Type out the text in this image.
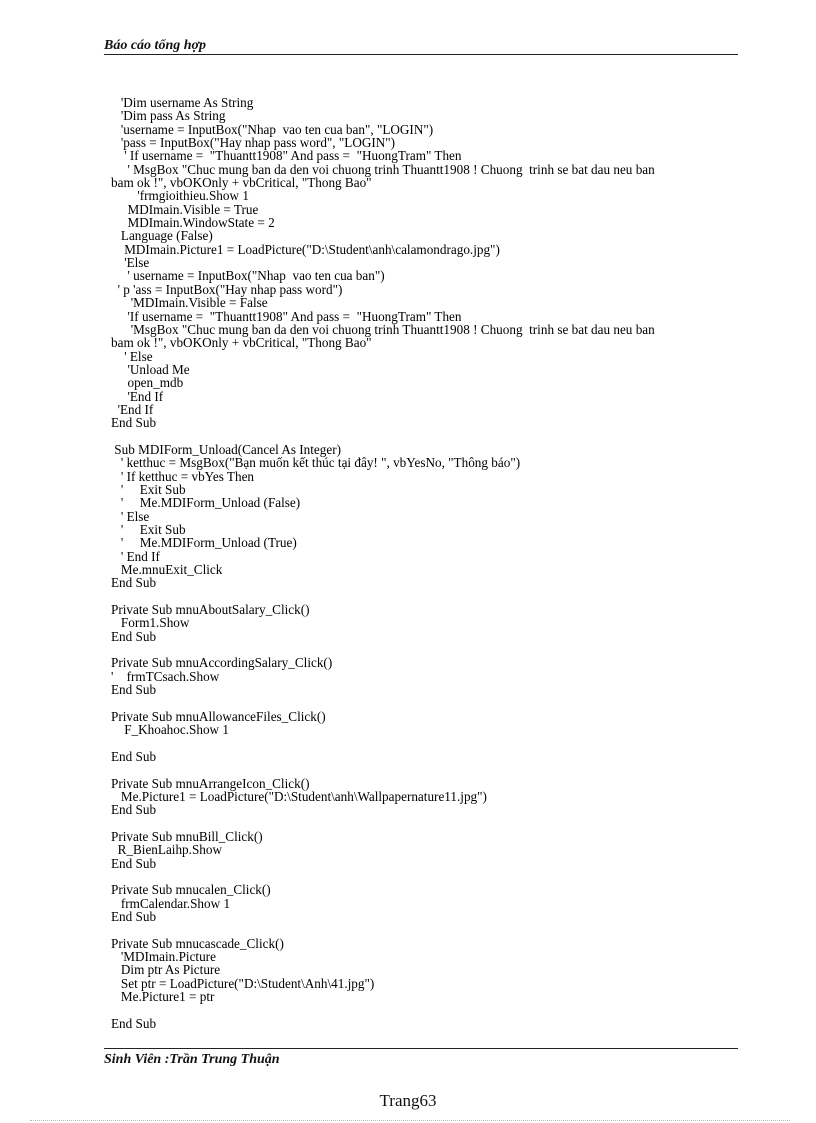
Báo cáo tổng hợp
'Dim username As String
'Dim pass As String
'username = InputBox("Nhap  vao ten cua ban", "LOGIN")
'pass = InputBox("Hay nhap pass word", "LOGIN")
' If username =  "Thuantt1908" And pass =  "HuongTram" Then
' MsgBox "Chuc mung ban da den voi chuong trinh Thuantt1908 ! Chuong  trinh se bat dau neu ban
bam ok !", vbOKOnly + vbCritical, "Thong Bao"
'frmgioithieu.Show 1
MDImain.Visible = True
MDImain.WindowState = 2
Language (False)
MDImain.Picture1 = LoadPicture("D:\Student\anh\calamondrago.jpg")
'Else
' username = InputBox("Nhap  vao ten cua ban")
' p 'ass = InputBox("Hay nhap pass word")
'MDImain.Visible = False
'If username =  "Thuantt1908" And pass =  "HuongTram" Then
'MsgBox "Chuc mung ban da den voi chuong trinh Thuantt1908 ! Chuong  trinh se bat dau neu ban
bam ok !", vbOKOnly + vbCritical, "Thong Bao"
' Else
'Unload Me
open_mdb
'End If
'End If
End Sub
Sub MDIForm_Unload(Cancel As Integer)
' ketthuc = MsgBox("Bạn muốn kết thúc tại đây! ", vbYesNo, "Thông báo")
' If ketthuc = vbYes Then
'     Exit Sub
'     Me.MDIForm_Unload (False)
' Else
'     Exit Sub
'     Me.MDIForm_Unload (True)
' End If
Me.mnuExit_Click
End Sub
Private Sub mnuAboutSalary_Click()
Form1.Show
End Sub
Private Sub mnuAccordingSalary_Click()
'    frmTCsach.Show
End Sub
Private Sub mnuAllowanceFiles_Click()
F_Khoahoc.Show 1
End Sub
Private Sub mnuArrangeIcon_Click()
Me.Picture1 = LoadPicture("D:\Student\anh\Wallpapernature11.jpg")
End Sub
Private Sub mnuBill_Click()
R_BienLaihp.Show
End Sub
Private Sub mnucalen_Click()
frmCalendar.Show 1
End Sub
Private Sub mnucascade_Click()
'MDImain.Picture
Dim ptr As Picture
Set ptr = LoadPicture("D:\Student\Anh\41.jpg")
Me.Picture1 = ptr
End Sub
Sinh Viên :Trần Trung Thuận
Trang63
